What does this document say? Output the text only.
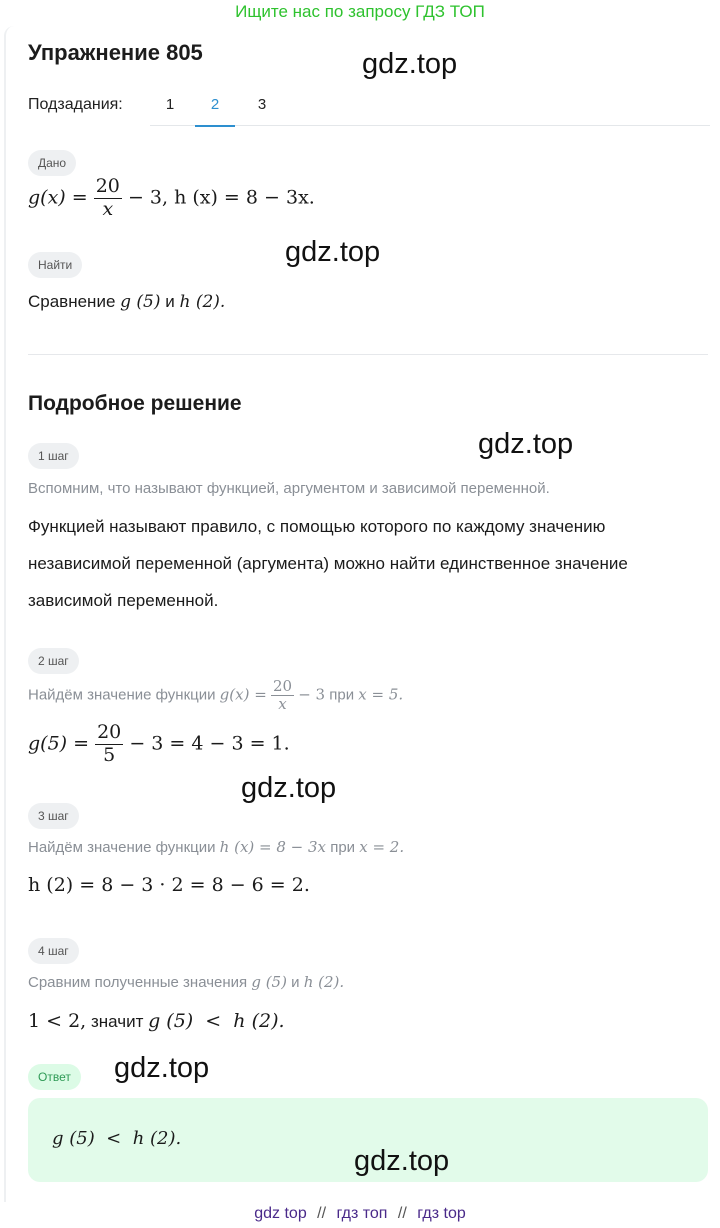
Ищите нас по запросу ГДЗ ТОП
Упражнение 805
Подзадания:	1	2	3
Дано
$g(x) = \frac{20}{x} - 3$, h (x) = 8 − 3x.
Найти
Сравнение g (5) и h (2).
Подробное решение
1 шаг
Вспомним, что называют функцией, аргументом и зависимой переменной.
Функцией называют правило, с помощью которого по каждому значению независимой переменной (аргумента) можно найти единственное значение зависимой переменной.
2 шаг
Найдём значение функции $g(x) = \frac{20}{x} - 3$ при x = 5.
$g(5) = \frac{20}{5} - 3 = 4 - 3 = 1$.
3 шаг
Найдём значение функции h (x) = 8 − 3x при x = 2.
h (2) = 8 − 3 · 2 = 8 − 6 = 2.
4 шаг
Сравним полученные значения g (5) и h (2).
1 < 2, значит g (5)  <  h (2).
Ответ
g (5)  <  h (2).
gdz.top
gdz.top
gdz.top
gdz.top
gdz.top
gdz.top
gdz top // гдз топ // гдз top
